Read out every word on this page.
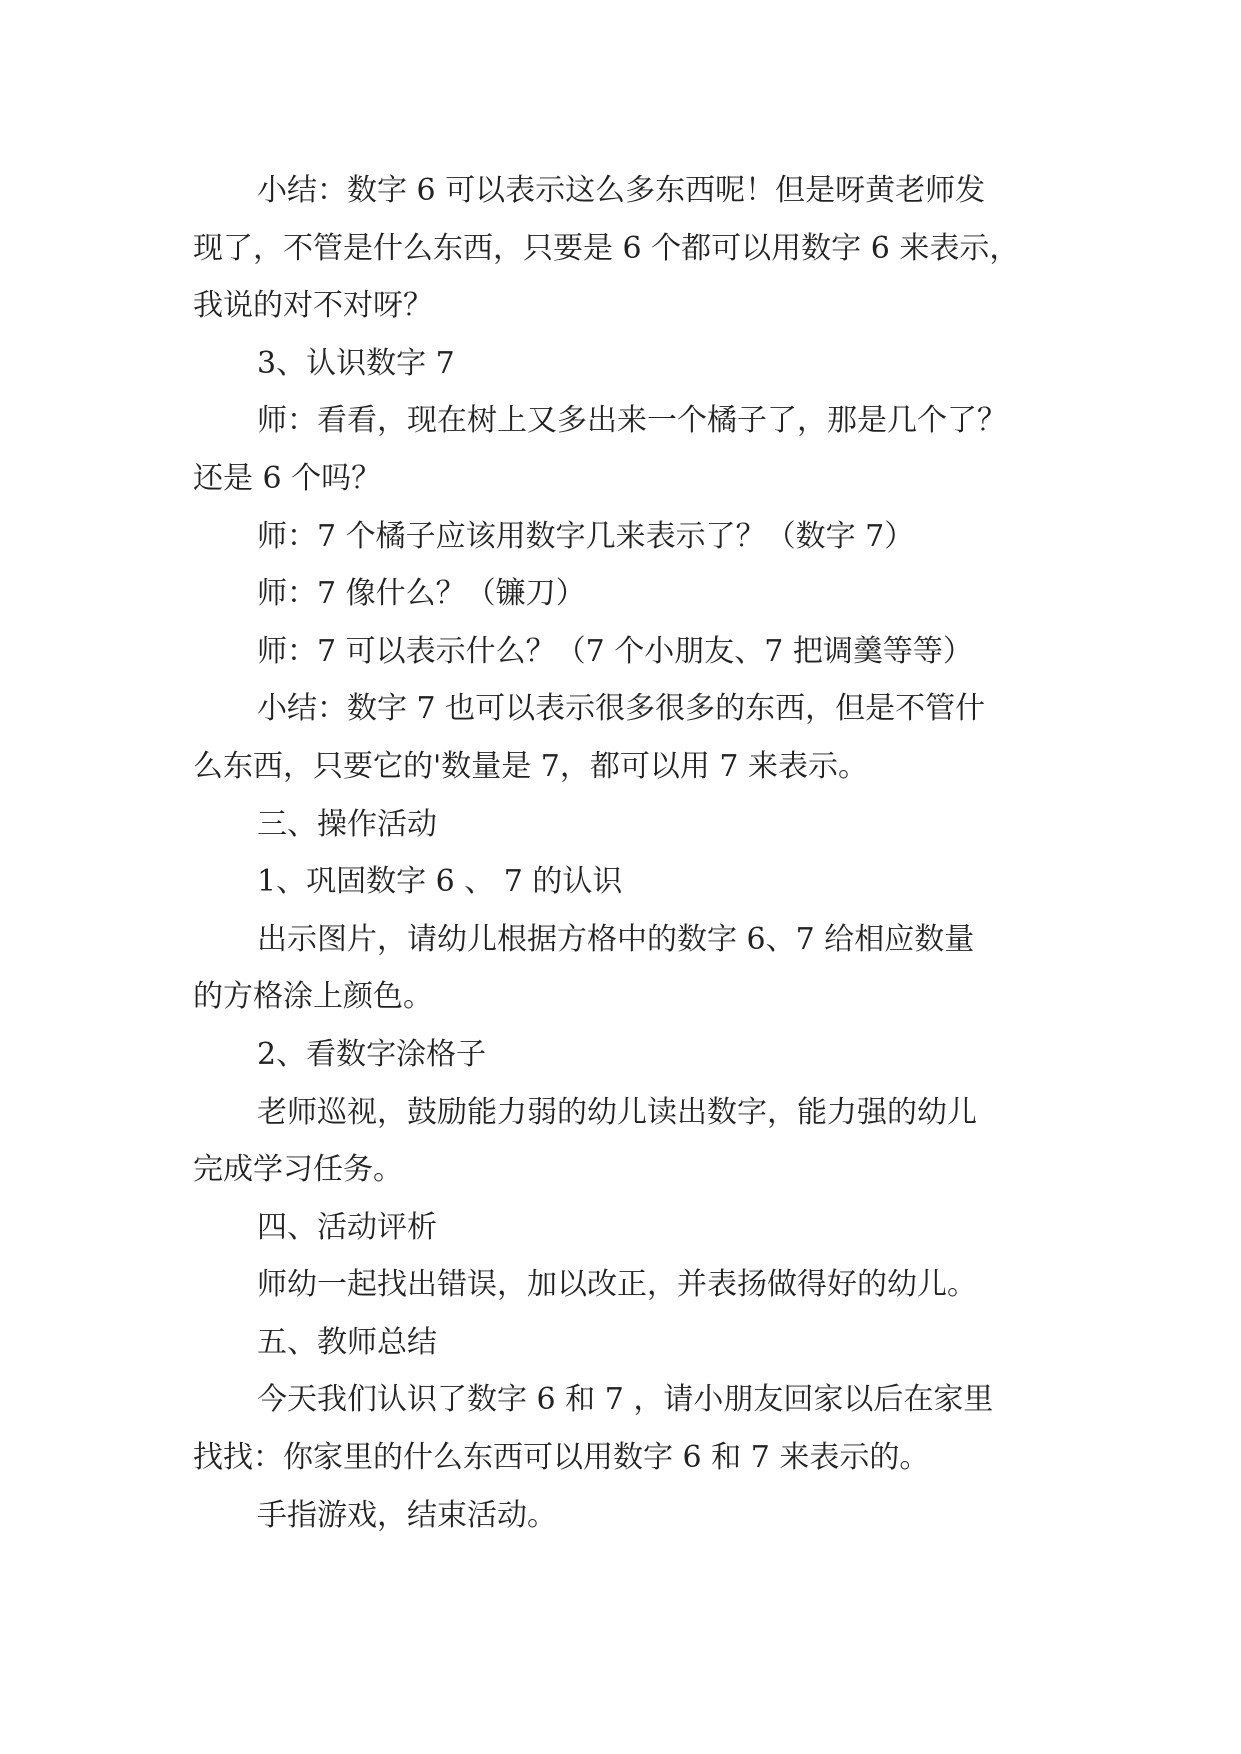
小结：数字 6 可以表示这么多东西呢！但是呀黄老师发
现了，不管是什么东西，只要是 6 个都可以用数字 6 来表示，
我说的对不对呀？

3、认识数字 7

师：看看，现在树上又多出来一个橘子了，那是几个了？
还是 6 个吗？

师：7 个橘子应该用数字几来表示了？（数字 7）

师：7 像什么？（镰刀）

师：7 可以表示什么？（7 个小朋友、7 把调羹等等）

小结：数字 7 也可以表示很多很多的东西，但是不管什
么东西，只要它的'数量是 7，都可以用 7 来表示。

三、操作活动

1、巩固数字 6 、 7 的认识

出示图片，请幼儿根据方格中的数字 6、7 给相应数量
的方格涂上颜色。

2、看数字涂格子

老师巡视，鼓励能力弱的幼儿读出数字，能力强的幼儿
完成学习任务。

四、活动评析

师幼一起找出错误，加以改正，并表扬做得好的幼儿。

五、教师总结

今天我们认识了数字 6 和 7 ，请小朋友回家以后在家里
找找：你家里的什么东西可以用数字 6 和 7 来表示的。

手指游戏，结束活动。
